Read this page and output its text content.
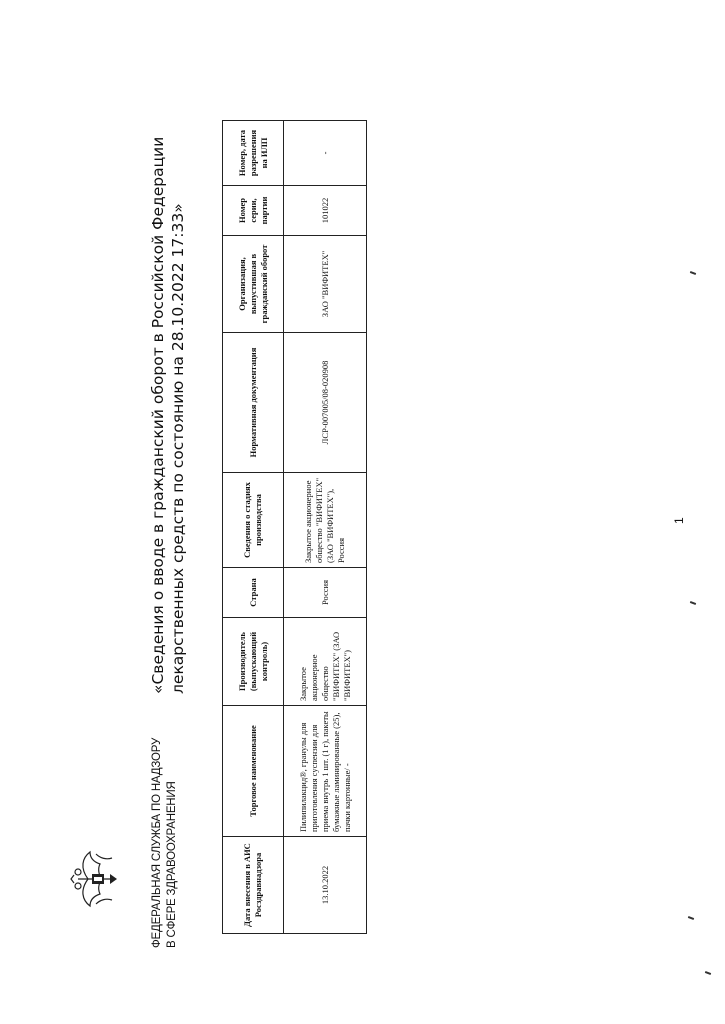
ФЕДЕРАЛЬНАЯ СЛУЖБА ПО НАДЗОРУ В СФЕРЕ ЗДРАВООХРАНЕНИЯ
«Сведения о вводе в гражданский оборот в Российской Федерации лекарственных средств по состоянию на 28.10.2022 17:33»
Дата внесения в АИС Росздравнадзора	Торговое наименование	Производитель (выпускающий контроль)	Страна	Сведения о стадиях производства	Нормативная документация	Организация, выпустившая в гражданский оборот	Номер серии, партии	Номер, дата разрешения на ИЛП
13.10.2022	Пилипилакцид®, гранулы для приготовления суспензии для приема внутрь 1 шт. (1 г), пакеты бумажные ламинированные (25), пачки картонные/ -	Закрытое акционерное общество "ВИФИТЕХ" (ЗАО "ВИФИТЕХ")	Россия	Закрытое акционерное общество "ВИФИТЕХ" (ЗАО "ВИФИТЕХ"), Россия	ЛСР-007005/08-020908	ЗАО "ВИФИТЕХ"	101022	-
1
